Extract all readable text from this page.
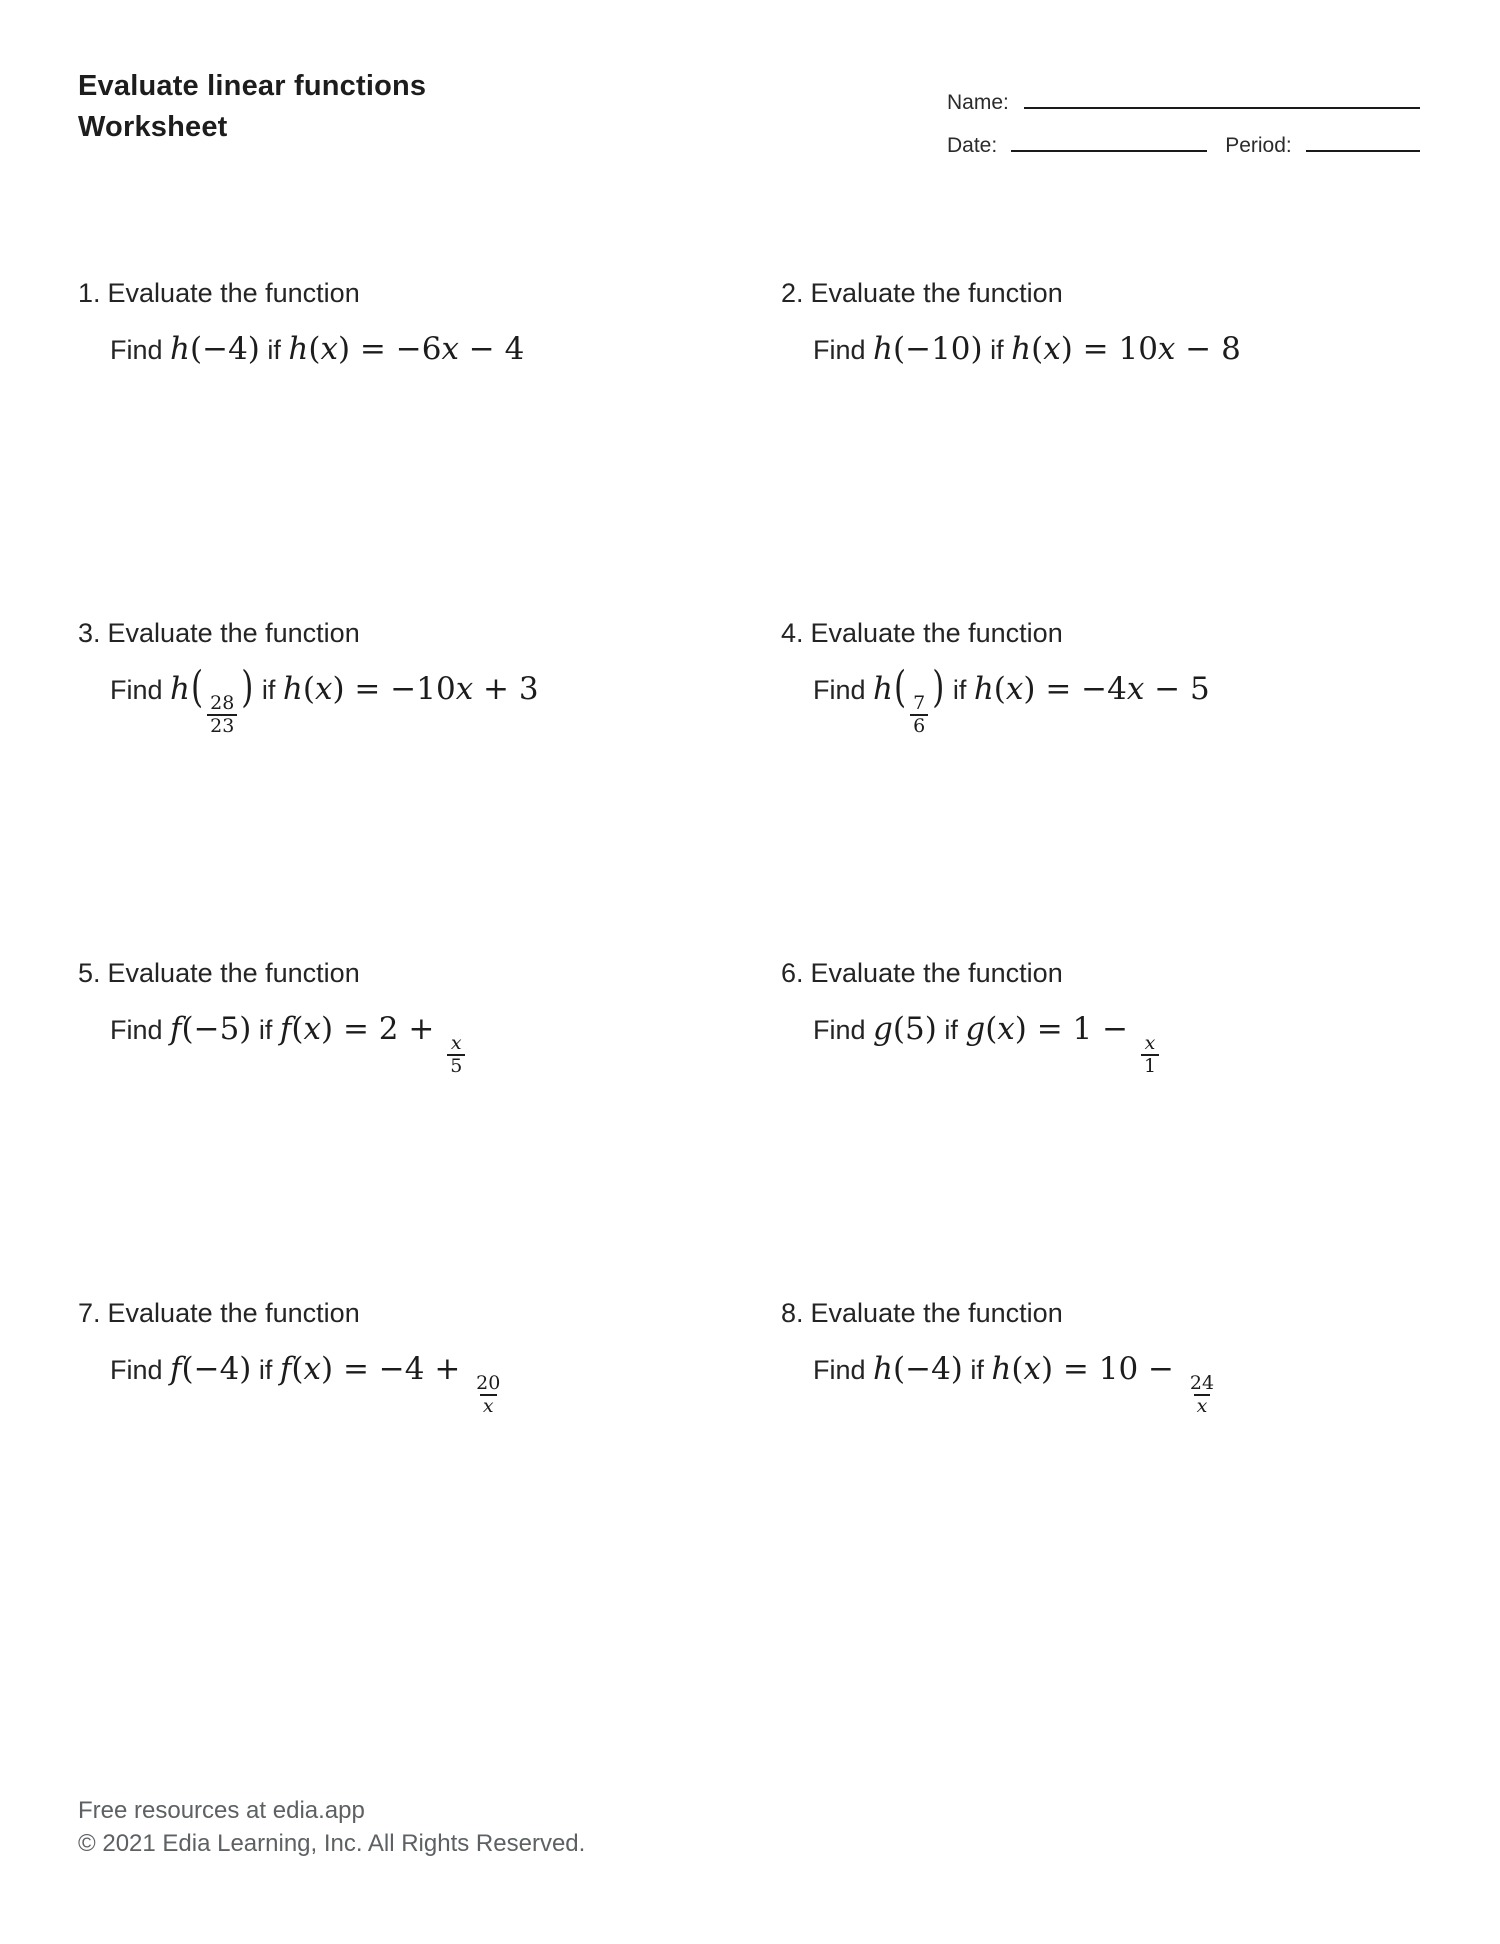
Evaluate linear functions
Worksheet
Name:
Date:	Period:
1. Evaluate the function
Find h(−4) if h(x) = −6x − 4
2. Evaluate the function
Find h(−10) if h(x) = 10x − 8
3. Evaluate the function
Find h(
$\frac{28}{23}$
) if h(x) = −10x + 3
4. Evaluate the function
Find h(
$\frac{7}{6}$
) if h(x) = −4x − 5
5. Evaluate the function
Find f(−5) if f(x) = 2 +
$\frac{x}{5}$
6. Evaluate the function
Find g(5) if g(x) = 1 −
$\frac{x}{1}$
7. Evaluate the function
Find f(−4) if f(x) = −4 +
$\frac{20}{x}$
8. Evaluate the function
Find h(−4) if h(x) = 10 −
$\frac{24}{x}$
Free resources at edia.app
© 2021 Edia Learning, Inc. All Rights Reserved.
